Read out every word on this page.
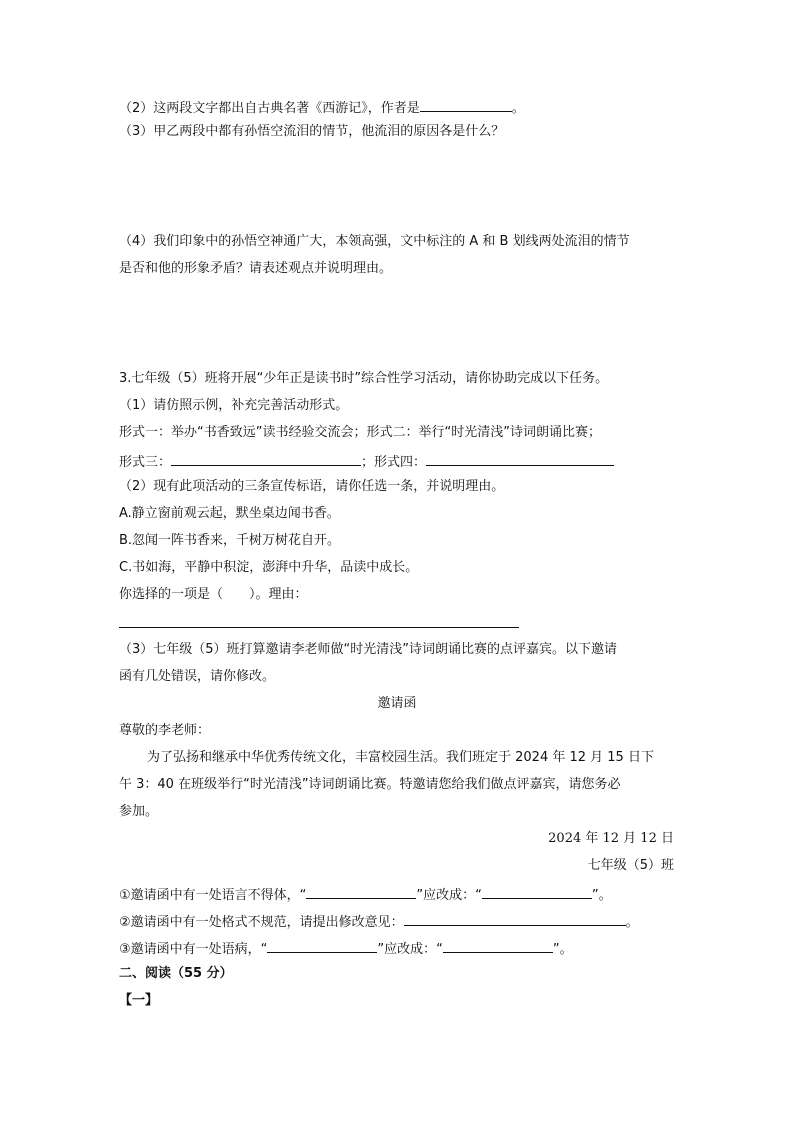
（2）这两段文字都出自古典名著《西游记》，作者是	。
（3）甲乙两段中都有孙悟空流泪的情节，他流泪的原因各是什么？
（4）我们印象中的孙悟空神通广大，本领高强，文中标注的 A 和 B 划线两处流泪的情节
是否和他的形象矛盾？请表述观点并说明理由。
3.七年级（5）班将开展“少年正是读书时”综合性学习活动，请你协助完成以下任务。
（1）请仿照示例，补充完善活动形式。
形式一：举办“书香致远”读书经验交流会；形式二：举行“时光清浅”诗词朗诵比赛；
形式三：	；形式四：
（2）现有此项活动的三条宣传标语，请你任选一条，并说明理由。
A.静立窗前观云起，默坐桌边闻书香。
B.忽闻一阵书香来，千树万树花自开。
C.书如海，平静中积淀，澎湃中升华，品读中成长。
你选择的一项是（　　）。理由：
（3）七年级（5）班打算邀请李老师做“时光清浅”诗词朗诵比赛的点评嘉宾。以下邀请
函有几处错误，请你修改。
邀请函
尊敬的李老师：
为了弘扬和继承中华优秀传统文化，丰富校园生活。我们班定于 2024 年 12 月 15 日下
午 3：40 在班级举行“时光清浅”诗词朗诵比赛。特邀请您给我们做点评嘉宾，请您务必
参加。
2024 年 12 月 12 日
七年级（5）班
①邀请函中有一处语言不得体，“	”应改成：“	”。
②邀请函中有一处格式不规范，请提出修改意见：	。
③邀请函中有一处语病，“	”应改成：“	”。
二、阅读（55 分）
【一】
